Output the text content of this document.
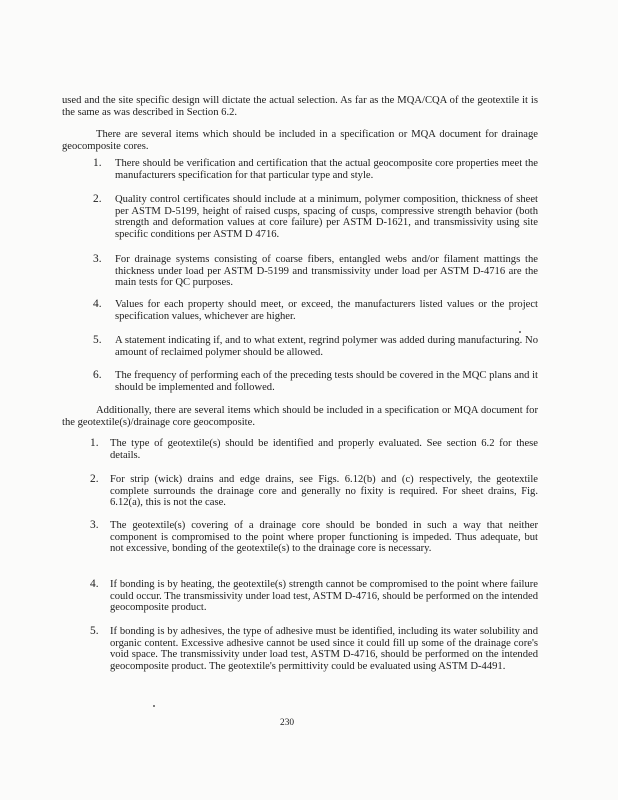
used and the site specific design will dictate the actual selection. As far as the MQA/CQA of the geotextile it is the same as was described in Section 6.2.

There are several items which should be included in a specification or MQA document for drainage geocomposite cores.

1.	There should be verification and certification that the actual geocomposite core properties meet the manufacturers specification for that particular type and style.

2.	Quality control certificates should include at a minimum, polymer composition, thickness of sheet per ASTM D-5199, height of raised cusps, spacing of cusps, compressive strength behavior (both strength and deformation values at core failure) per ASTM D-1621, and transmissivity using site specific conditions per ASTM D 4716.

3.	For drainage systems consisting of coarse fibers, entangled webs and/or filament mattings the thickness under load per ASTM D-5199 and transmissivity under load per ASTM D-4716 are the main tests for QC purposes.

4.	Values for each property should meet, or exceed, the manufacturers listed values or the project specification values, whichever are higher.

5.	A statement indicating if, and to what extent, regrind polymer was added during manufacturing. No amount of reclaimed polymer should be allowed.

6.	The frequency of performing each of the preceding tests should be covered in the MQC plans and it should be implemented and followed.

Additionally, there are several items which should be included in a specification or MQA document for the geotextile(s)/drainage core geocomposite.

1.	The type of geotextile(s) should be identified and properly evaluated. See section 6.2 for these details.

2.	For strip (wick) drains and edge drains, see Figs. 6.12(b) and (c) respectively, the geotextile complete surrounds the drainage core and generally no fixity is required. For sheet drains, Fig. 6.12(a), this is not the case.

3.	The geotextile(s) covering of a drainage core should be bonded in such a way that neither component is compromised to the point where proper functioning is impeded. Thus adequate, but not excessive, bonding of the geotextile(s) to the drainage core is necessary.

4.	If bonding is by heating, the geotextile(s) strength cannot be compromised to the point where failure could occur. The transmissivity under load test, ASTM D-4716, should be performed on the intended geocomposite product.

5.	If bonding is by adhesives, the type of adhesive must be identified, including its water solubility and organic content. Excessive adhesive cannot be used since it could fill up some of the drainage core's void space. The transmissivity under load test, ASTM D-4716, should be performed on the intended geocomposite product. The geotextile's permittivity could be evaluated using ASTM D-4491.

230
